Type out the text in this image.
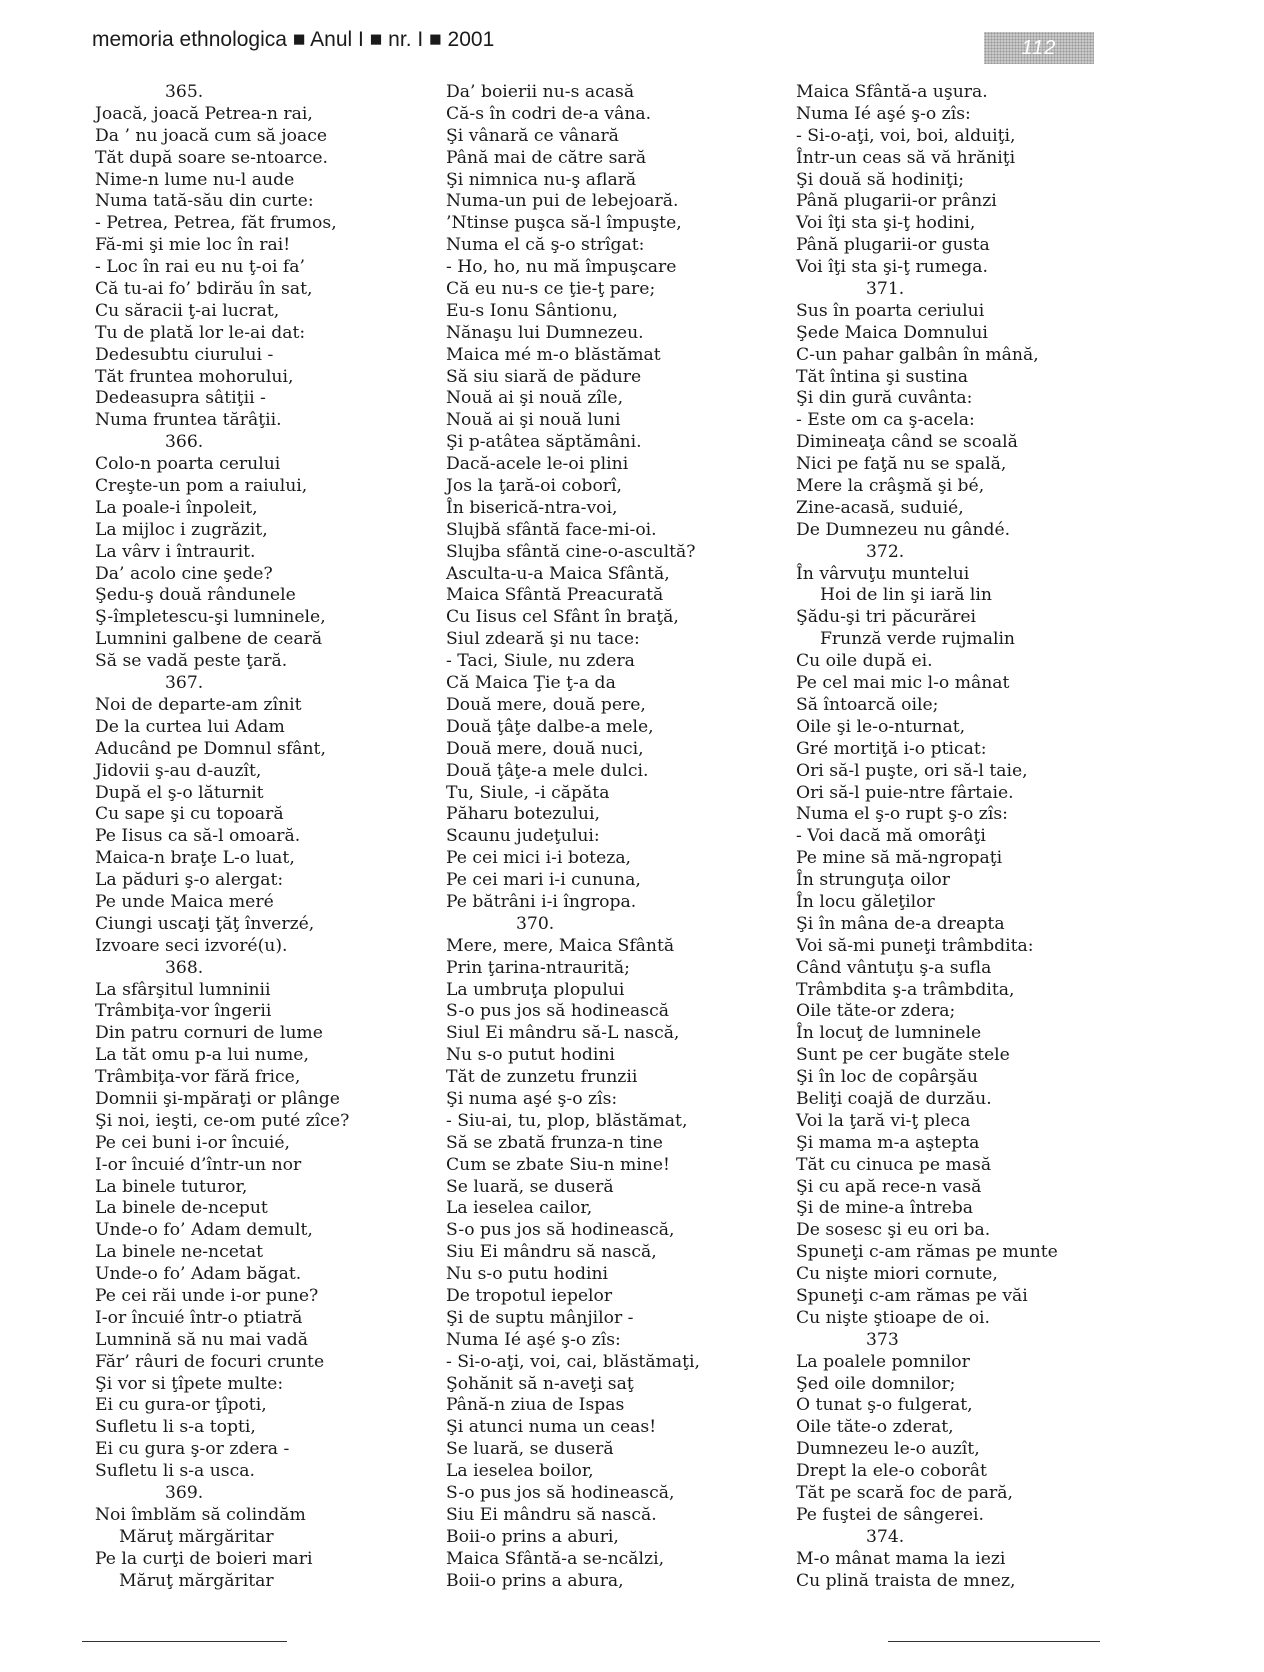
memoria ethnologica ■ Anul I ■ nr. I ■ 2001	112
365.
Joacă, joacă Petrea-n rai,
Da ’ nu joacă cum să joace
Tăt după soare se-ntoarce.
Nime-n lume nu-l aude
Numa tată-său din curte:
- Petrea, Petrea, făt frumos,
Fă-mi şi mie loc în rai!
- Loc în rai eu nu ţ-oi fa’
Că tu-ai fo’ bdirău în sat,
Cu săracii ţ-ai lucrat,
Tu de plată lor le-ai dat:
Dedesubtu ciurului -
Tăt fruntea mohorului,
Dedeasupra sâtiţii -
Numa fruntea tărâţii.
366.
Colo-n poarta cerului
Creşte-un pom a raiului,
La poale-i înpoleit,
La mijloc i zugrăzit,
La vârv i întraurit.
Da’ acolo cine şede?
Şedu-ş două rândunele
Ş-împletescu-şi lumninele,
Lumnini galbene de ceară
Să se vadă peste ţară.
367.
Noi de departe-am zînit
De la curtea lui Adam
Aducând pe Domnul sfânt,
Jidovii ş-au d-auzît,
După el ş-o lăturnit
Cu sape şi cu topoară
Pe Iisus ca să-l omoară.
Maica-n braţe L-o luat,
La păduri ş-o alergat:
Pe unde Maica meré
Ciungi uscaţi ţăţ înverzé,
Izvoare seci izvoré(u).
368.
La sfârşitul lumninii
Trâmbiţa-vor îngerii
Din patru cornuri de lume
La tăt omu p-a lui nume,
Trâmbiţa-vor fără frice,
Domnii şi-mpăraţi or plânge
Şi noi, ieşti, ce-om puté zîce?
Pe cei buni i-or încuié,
I-or încuié d’într-un nor
La binele tuturor,
La binele de-nceput
Unde-o fo’ Adam demult,
La binele ne-ncetat
Unde-o fo’ Adam băgat.
Pe cei răi unde i-or pune?
I-or încuié într-o ptiatră
Lumnină să nu mai vadă
Făr’ râuri de focuri crunte
Şi vor si ţîpete multe:
Ei cu gura-or ţîpoti,
Sufletu li s-a topti,
Ei cu gura ş-or zdera -
Sufletu li s-a usca.
369.
Noi îmblăm să colindăm
Măruţ mărgăritar
Pe la curţi de boieri mari
Măruţ mărgăritar
Da’ boierii nu-s acasă
Că-s în codri de-a vâna.
Şi vânară ce vânară
Până mai de către sară
Şi nimnica nu-ş aflară
Numa-un pui de lebejoară.
’Ntinse puşca să-l împuşte,
Numa el că ş-o strîgat:
- Ho, ho, nu mă împuşcare
Că eu nu-s ce ţie-ţ pare;
Eu-s Ionu Sântionu,
Nănaşu lui Dumnezeu.
Maica mé m-o blăstămat
Să siu siară de pădure
Nouă ai şi nouă zîle,
Nouă ai şi nouă luni
Şi p-atâtea săptămâni.
Dacă-acele le-oi plini
Jos la ţară-oi coborî,
În biserică-ntra-voi,
Slujbă sfântă face-mi-oi.
Slujba sfântă cine-o-ascultă?
Asculta-u-a Maica Sfântă,
Maica Sfântă Preacurată
Cu Iisus cel Sfânt în braţă,
Siul zdeară şi nu tace:
- Taci, Siule, nu zdera
Că Maica Ţie ţ-a da
Două mere, două pere,
Două ţâţe dalbe-a mele,
Două mere, două nuci,
Două ţâţe-a mele dulci.
Tu, Siule, -i căpăta
Păharu botezului,
Scaunu judeţului:
Pe cei mici i-i boteza,
Pe cei mari i-i cununa,
Pe bătrâni i-i îngropa.
370.
Mere, mere, Maica Sfântă
Prin ţarina-ntraurită;
La umbruţa plopului
S-o pus jos să hodinească
Siul Ei mândru să-L nască,
Nu s-o putut hodini
Tăt de zunzetu frunzii
Şi numa aşé ş-o zîs:
- Siu-ai, tu, plop, blăstămat,
Să se zbată frunza-n tine
Cum se zbate Siu-n mine!
Se luară, se duseră
La ieselea cailor,
S-o pus jos să hodinească,
Siu Ei mândru să nască,
Nu s-o putu hodini
De tropotul iepelor
Şi de suptu mânjilor -
Numa Ié aşé ş-o zîs:
- Si-o-aţi, voi, cai, blăstămaţi,
Şohănit să n-aveţi saţ
Până-n ziua de Ispas
Şi atunci numa un ceas!
Se luară, se duseră
La ieselea boilor,
S-o pus jos să hodinească,
Siu Ei mândru să nască.
Boii-o prins a aburi,
Maica Sfântă-a se-ncălzi,
Boii-o prins a abura,
Maica Sfântă-a uşura.
Numa Ié aşé ş-o zîs:
- Si-o-aţi, voi, boi, alduiţi,
Într-un ceas să vă hrăniţi
Şi două să hodiniţi;
Până plugarii-or prânzi
Voi îţi sta şi-ţ hodini,
Până plugarii-or gusta
Voi îţi sta şi-ţ rumega.
371.
Sus în poarta ceriului
Şede Maica Domnului
C-un pahar galbân în mână,
Tăt întina şi sustina
Şi din gură cuvânta:
- Este om ca ş-acela:
Dimineaţa când se scoală
Nici pe faţă nu se spală,
Mere la crâşmă şi bé,
Zine-acasă, suduié,
De Dumnezeu nu gândé.
372.
În vârvuţu muntelui
Hoi de lin şi iară lin
Şădu-şi tri păcurărei
Frunză verde rujmalin
Cu oile după ei.
Pe cel mai mic l-o mânat
Să întoarcă oile;
Oile şi le-o-nturnat,
Gré mortiţă i-o pticat:
Ori să-l puşte, ori să-l taie,
Ori să-l puie-ntre fârtaie.
Numa el ş-o rupt ş-o zîs:
- Voi dacă mă omorâţi
Pe mine să mă-ngropaţi
În strunguţa oilor
În locu gălеţilor
Şi în mâna de-a dreapta
Voi să-mi puneţi trâmbdita:
Când vântuţu ş-a sufla
Trâmbdita ş-a trâmbdita,
Oile tăte-or zdera;
În locuţ de lumninele
Sunt pe cer bugăte stele
Şi în loc de copârşău
Beliţi coajă de durzău.
Voi la ţară vi-ţ pleca
Şi mama m-a aştepta
Tăt cu cinuca pe masă
Şi cu apă rece-n vasă
Şi de mine-a întreba
De sosesc şi eu ori ba.
Spuneţi c-am rămas pe munte
Cu nişte miori cornute,
Spuneţi c-am rămas pe văi
Cu nişte ştioape de oi.
373
La poalele pomnilor
Şed oile domnilor;
O tunat ş-o fulgerat,
Oile tăte-o zderat,
Dumnezeu le-o auzît,
Drept la ele-o coborât
Tăt pe scară foc de pară,
Pe fuştei de sângerei.
374.
M-o mânat mama la iezi
Cu plină traista de mnez,
